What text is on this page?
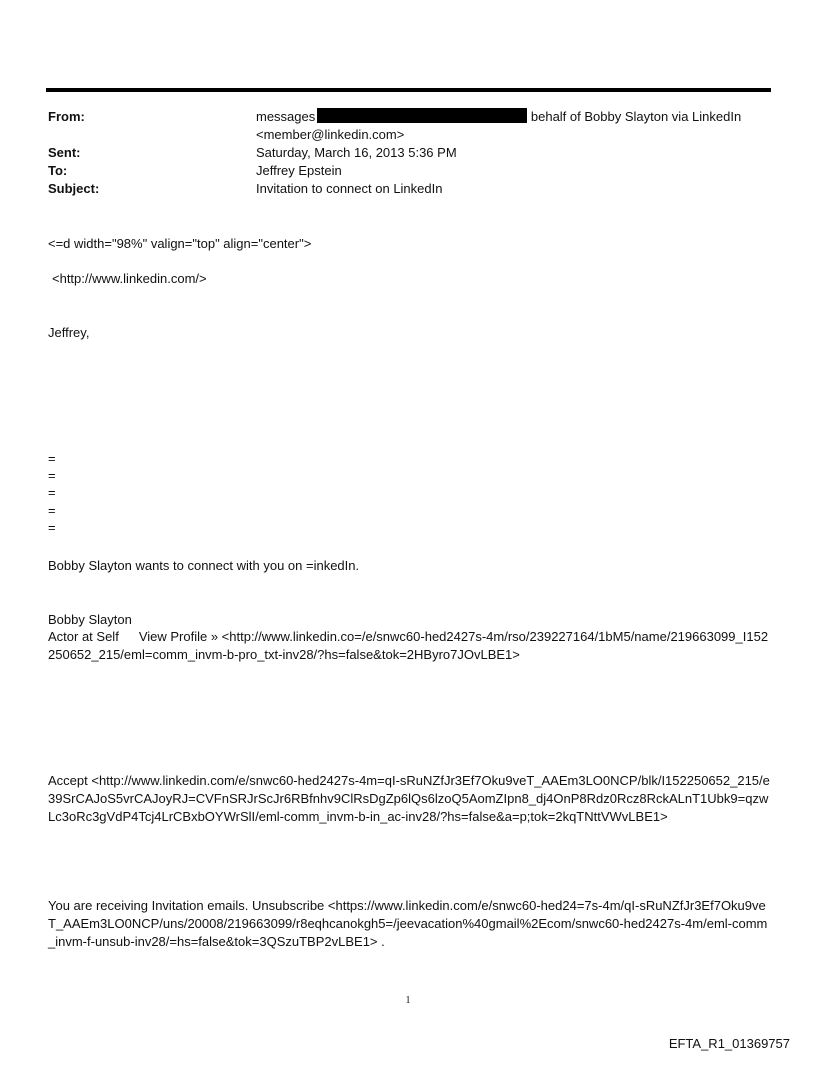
From:	messages	behalf of Bobby Slayton via LinkedIn
<member@linkedin.com>
Sent:	Saturday, March 16, 2013 5:36 PM
To:	Jeffrey Epstein
Subject:	Invitation to connect on LinkedIn
<=d width="98%" valign="top" align="center">
<http://www.linkedin.com/>
Jeffrey,
=
=
=
=
=
Bobby Slayton wants to connect with you on =inkedIn.
Bobby Slayton
Actor at Self View Profile » <http://www.linkedin.co=/e/snwc60-hed2427s-4m/rso/239227164/1bM5/name/219663099_I152250652_215/eml=comm_invm-b-pro_txt-inv28/?hs=false&tok=2HByro7JOvLBE1>
Accept <http://www.linkedin.com/e/snwc60-hed2427s-4m=qI-sRuNZfJr3Ef7Oku9veT_AAEm3LO0NCP/blk/I152250652_215/e39SrCAJoS5vrCAJoyRJ=CVFnSRJrScJr6RBfnhv9ClRsDgZp6lQs6lzoQ5AomZIpn8_dj4OnP8Rdz0Rcz8RckALnT1Ubk9=qzwLc3oRc3gVdP4Tcj4LrCBxbOYWrSlI/eml-comm_invm-b-in_ac-inv28/?hs=false&a=p;tok=2kqTNttVWvLBE1>
You are receiving Invitation emails. Unsubscribe <https://www.linkedin.com/e/snwc60-hed24=7s-4m/qI-sRuNZfJr3Ef7Oku9veT_AAEm3LO0NCP/uns/20008/219663099/r8eqhcanokgh5=/jeevacation%40gmail%2Ecom/snwc60-hed2427s-4m/eml-comm_invm-f-unsub-inv28/=hs=false&tok=3QSzuTBP2vLBE1> .
1
EFTA_R1_01369757
